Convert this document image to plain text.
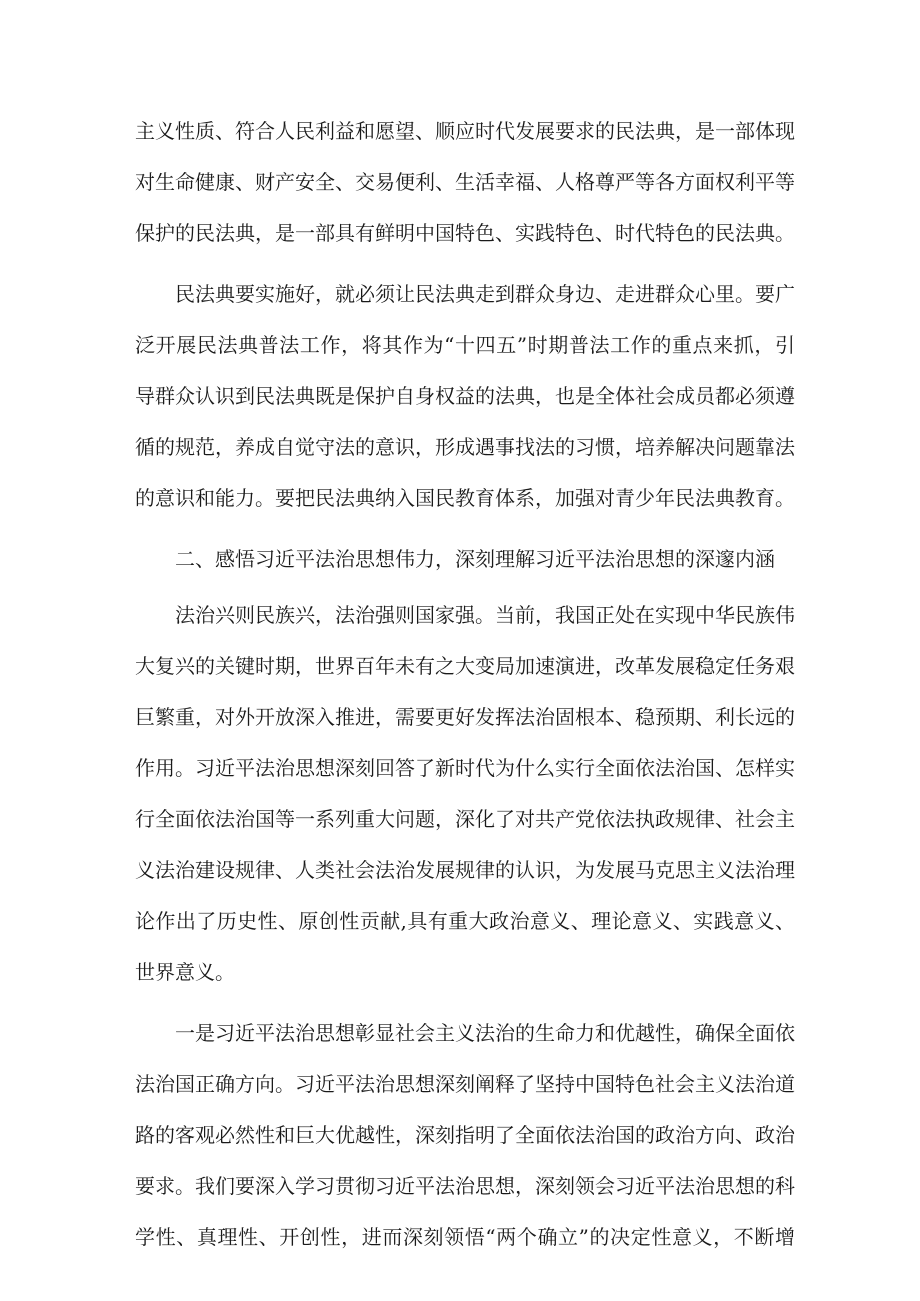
主义性质、符合人民利益和愿望、顺应时代发展要求的民法典，是一部体现
对生命健康、财产安全、交易便利、生活幸福、人格尊严等各方面权利平等
保护的民法典，是一部具有鲜明中国特色、实践特色、时代特色的民法典。
民法典要实施好，就必须让民法典走到群众身边、走进群众心里。要广
泛开展民法典普法工作，将其作为“十四五”时期普法工作的重点来抓，引
导群众认识到民法典既是保护自身权益的法典，也是全体社会成员都必须遵
循的规范，养成自觉守法的意识，形成遇事找法的习惯，培养解决问题靠法
的意识和能力。要把民法典纳入国民教育体系，加强对青少年民法典教育。
二、感悟习近平法治思想伟力，深刻理解习近平法治思想的深邃内涵
法治兴则民族兴，法治强则国家强。当前，我国正处在实现中华民族伟
大复兴的关键时期，世界百年未有之大变局加速演进，改革发展稳定任务艰
巨繁重，对外开放深入推进，需要更好发挥法治固根本、稳预期、利长远的
作用。习近平法治思想深刻回答了新时代为什么实行全面依法治国、怎样实
行全面依法治国等一系列重大问题，深化了对共产党依法执政规律、社会主
义法治建设规律、人类社会法治发展规律的认识，为发展马克思主义法治理
论作出了历史性、原创性贡献,具有重大政治意义、理论意义、实践意义、
世界意义。
一是习近平法治思想彰显社会主义法治的生命力和优越性，确保全面依
法治国正确方向。习近平法治思想深刻阐释了坚持中国特色社会主义法治道
路的客观必然性和巨大优越性，深刻指明了全面依法治国的政治方向、政治
要求。我们要深入学习贯彻习近平法治思想，深刻领会习近平法治思想的科
学性、真理性、开创性，进而深刻领悟“两个确立”的决定性意义，不断增
